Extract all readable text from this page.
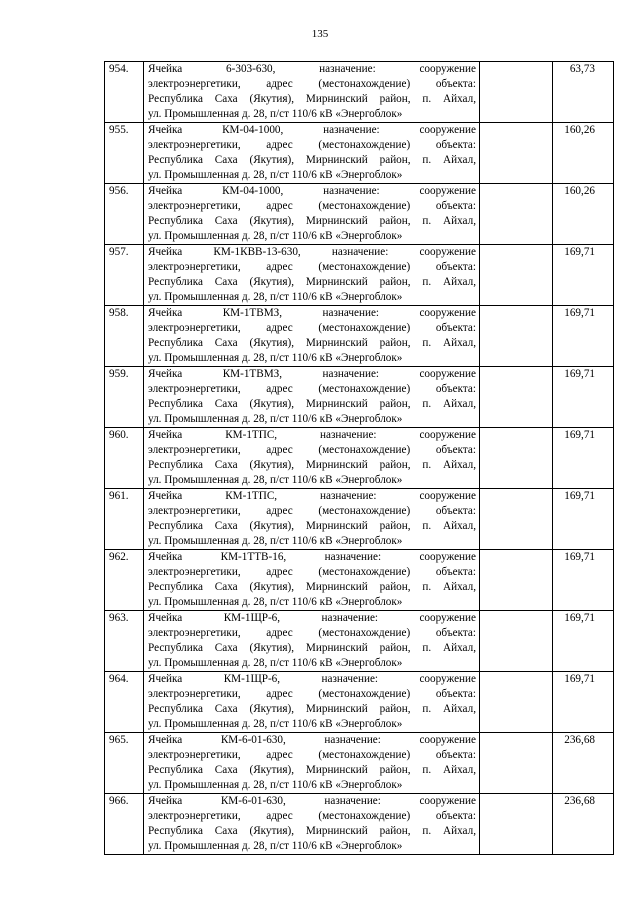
135
954.	Ячейка 6-303-630, назначение: сооружение
электроэнергетики, адрес (местонахождение) объекта:
Республика Саха (Якутия), Мирнинский район, п. Айхал,
ул. Промышленная д. 28, п/ст 110/6 кВ «Энергоблок»		63,73
955.	Ячейка КМ-04-1000, назначение: сооружение
электроэнергетики, адрес (местонахождение) объекта:
Республика Саха (Якутия), Мирнинский район, п. Айхал,
ул. Промышленная д. 28, п/ст 110/6 кВ «Энергоблок»		160,26
956.	Ячейка КМ-04-1000, назначение: сооружение
электроэнергетики, адрес (местонахождение) объекта:
Республика Саха (Якутия), Мирнинский район, п. Айхал,
ул. Промышленная д. 28, п/ст 110/6 кВ «Энергоблок»		160,26
957.	Ячейка КМ-1КВВ-13-630, назначение: сооружение
электроэнергетики, адрес (местонахождение) объекта:
Республика Саха (Якутия), Мирнинский район, п. Айхал,
ул. Промышленная д. 28, п/ст 110/6 кВ «Энергоблок»		169,71
958.	Ячейка КМ-1ТВМЗ, назначение: сооружение
электроэнергетики, адрес (местонахождение) объекта:
Республика Саха (Якутия), Мирнинский район, п. Айхал,
ул. Промышленная д. 28, п/ст 110/6 кВ «Энергоблок»		169,71
959.	Ячейка КМ-1ТВМЗ, назначение: сооружение
электроэнергетики, адрес (местонахождение) объекта:
Республика Саха (Якутия), Мирнинский район, п. Айхал,
ул. Промышленная д. 28, п/ст 110/6 кВ «Энергоблок»		169,71
960.	Ячейка КМ-1ТПС, назначение: сооружение
электроэнергетики, адрес (местонахождение) объекта:
Республика Саха (Якутия), Мирнинский район, п. Айхал,
ул. Промышленная д. 28, п/ст 110/6 кВ «Энергоблок»		169,71
961.	Ячейка КМ-1ТПС, назначение: сооружение
электроэнергетики, адрес (местонахождение) объекта:
Республика Саха (Якутия), Мирнинский район, п. Айхал,
ул. Промышленная д. 28, п/ст 110/6 кВ «Энергоблок»		169,71
962.	Ячейка КМ-1ТТВ-16, назначение: сооружение
электроэнергетики, адрес (местонахождение) объекта:
Республика Саха (Якутия), Мирнинский район, п. Айхал,
ул. Промышленная д. 28, п/ст 110/6 кВ «Энергоблок»		169,71
963.	Ячейка КМ-1ЩР-6, назначение: сооружение
электроэнергетики, адрес (местонахождение) объекта:
Республика Саха (Якутия), Мирнинский район, п. Айхал,
ул. Промышленная д. 28, п/ст 110/6 кВ «Энергоблок»		169,71
964.	Ячейка КМ-1ЩР-6, назначение: сооружение
электроэнергетики, адрес (местонахождение) объекта:
Республика Саха (Якутия), Мирнинский район, п. Айхал,
ул. Промышленная д. 28, п/ст 110/6 кВ «Энергоблок»		169,71
965.	Ячейка КМ-6-01-630, назначение: сооружение
электроэнергетики, адрес (местонахождение) объекта:
Республика Саха (Якутия), Мирнинский район, п. Айхал,
ул. Промышленная д. 28, п/ст 110/6 кВ «Энергоблок»		236,68
966.	Ячейка КМ-6-01-630, назначение: сооружение
электроэнергетики, адрес (местонахождение) объекта:
Республика Саха (Якутия), Мирнинский район, п. Айхал,
ул. Промышленная д. 28, п/ст 110/6 кВ «Энергоблок»		236,68
